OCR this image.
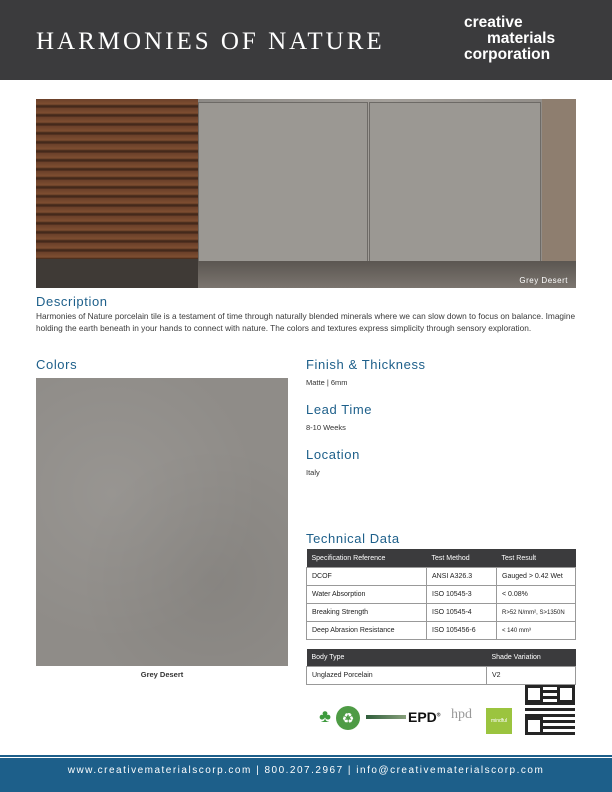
HARMONIES OF NATURE
creative
materials
corporation
Grey Desert
Description
Harmonies of Nature porcelain tile is a testament of time through naturally blended minerals where we can slow down to focus on balance. Imagine holding the earth beneath in your hands to connect with nature. The colors and textures express simplicity through sensory exploration.
Colors
Grey Desert
Finish & Thickness
Matte | 6mm
Lead Time
8-10 Weeks
Location
Italy
Technical Data
Specification Reference	Test Method	Test Result
DCOF	ANSI A326.3	Gauged > 0.42 Wet
Water Absorption	ISO 10545-3	< 0.08%
Breaking Strength	ISO 10545-4	R>52 N/mm², S>1350N
Deep Abrasion Resistance	ISO 105456-6	< 140 mm³
Body Type	Shade Variation
Unglazed Porcelain	V2
♣ ♻	EPD® hpd	mindful
www.creativematerialscorp.com | 800.207.2967 | info@creativematerialscorp.com
